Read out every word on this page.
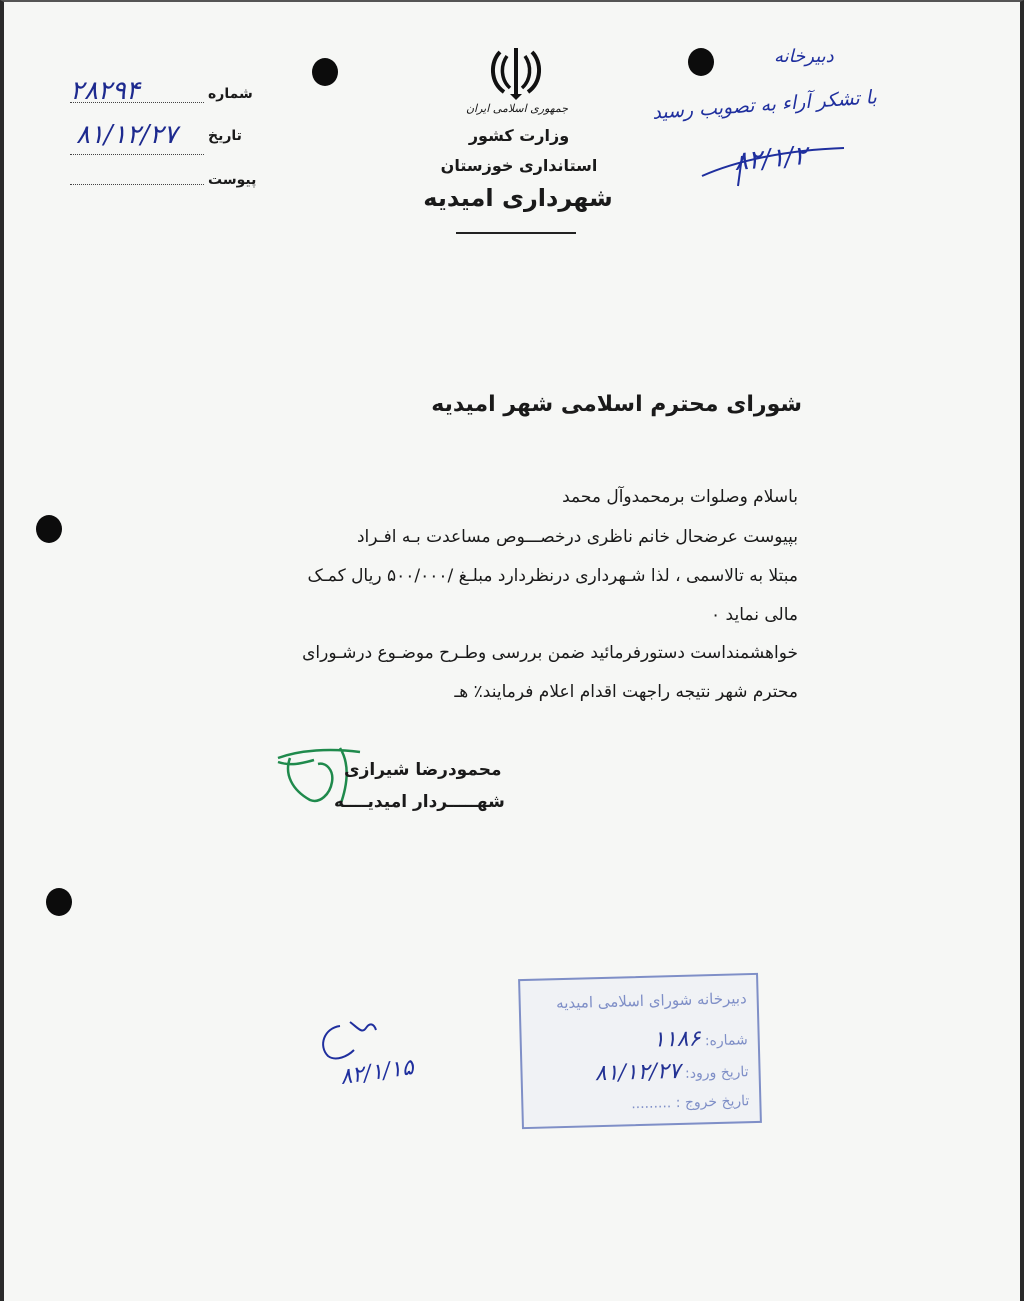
۲۸۲۹۴	شماره
۸۱/۱۲/۲۷ تاریخ
پیوست
جمهوری اسلامی ایران
وزارت کشور
استانداری خوزستان
شهرداری امیدیه
دبیرخانه
با تشکر آراء به تصویب رسید
۸۲/۱/۲
شورای محترم اسلامی شهر امیدیه
باسلام وصلوات برمحمدوآل محمد
بپیوست عرضحال خانم ناظری درخصـــوص مساعدت بـه افـراد
مبتلا به تالاسمی ، لذا شـهرداری درنظردارد مبلـغ /۵۰۰/۰۰۰ ریال کمـک
مالی نماید ۰
خواهشمنداست دستورفرمائید ضمن بررسی وطـرح موضـوع درشـورای
محترم شهر نتیجه راجهت اقدام اعلام فرمایند٪ هـ
محمودرضا شیرازی
شهـــــردار امیدیــــه
۸۲/۱/۱۵
دبیرخانه شورای اسلامی امیدیه
شماره: ۱۱۸۶
تاریخ ورود: ۸۱/۱۲/۲۷
تاریخ خروج : .........
